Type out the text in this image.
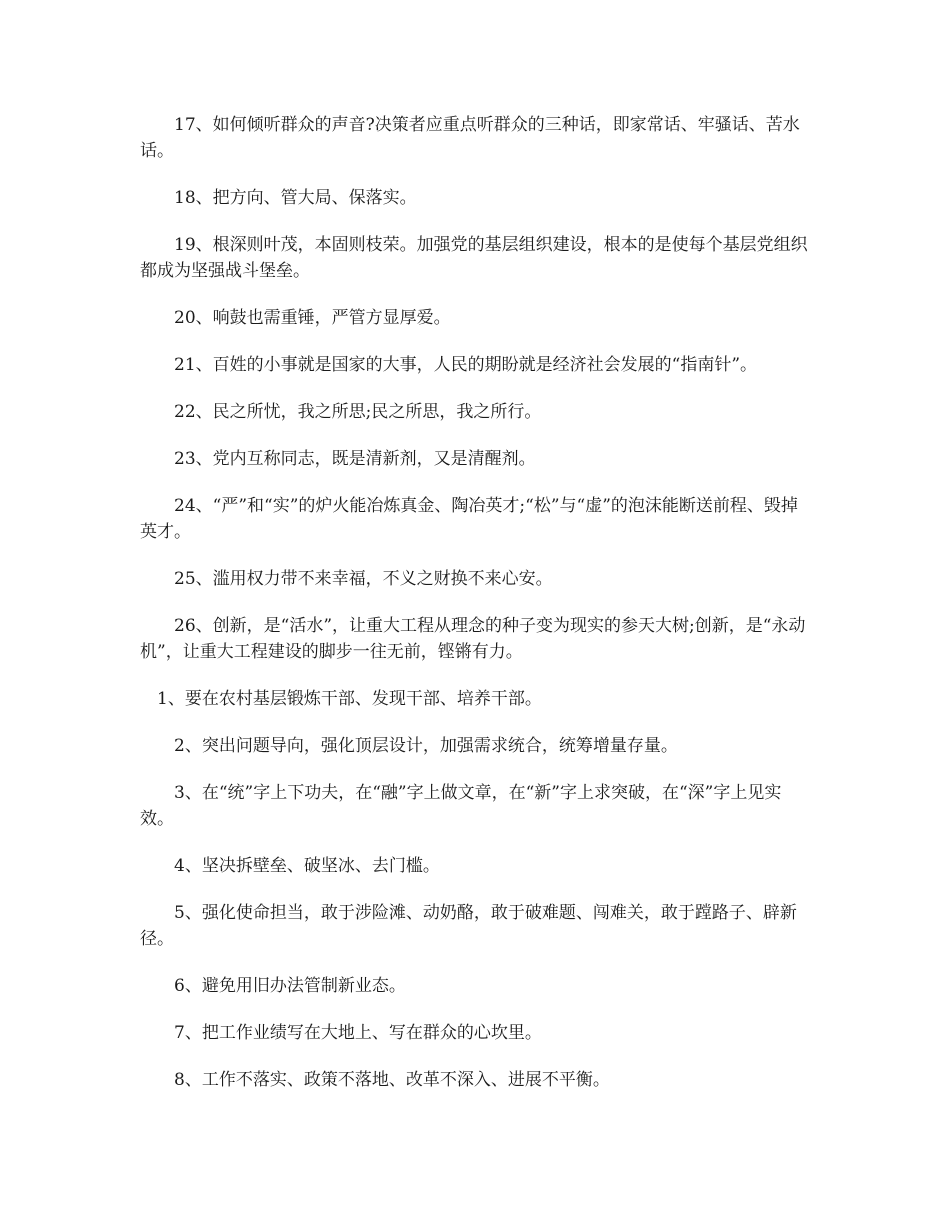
17、如何倾听群众的声音?决策者应重点听群众的三种话，即家常话、牢骚话、苦水话。

18、把方向、管大局、保落实。

19、根深则叶茂，本固则枝荣。加强党的基层组织建设，根本的是使每个基层党组织都成为坚强战斗堡垒。

20、响鼓也需重锤，严管方显厚爱。

21、百姓的小事就是国家的大事，人民的期盼就是经济社会发展的“指南针”。

22、民之所忧，我之所思;民之所思，我之所行。

23、党内互称同志，既是清新剂，又是清醒剂。

24、“严”和“实”的炉火能冶炼真金、陶冶英才;“松”与“虚”的泡沫能断送前程、毁掉英才。

25、滥用权力带不来幸福，不义之财换不来心安。

26、创新，是“活水”，让重大工程从理念的种子变为现实的参天大树;创新，是“永动机”，让重大工程建设的脚步一往无前，铿锵有力。

1、要在农村基层锻炼干部、发现干部、培养干部。

2、突出问题导向，强化顶层设计，加强需求统合，统筹增量存量。

3、在“统”字上下功夫，在“融”字上做文章，在“新”字上求突破，在“深”字上见实效。

4、坚决拆壁垒、破坚冰、去门槛。

5、强化使命担当，敢于涉险滩、动奶酪，敢于破难题、闯难关，敢于蹚路子、辟新径。

6、避免用旧办法管制新业态。

7、把工作业绩写在大地上、写在群众的心坎里。

8、工作不落实、政策不落地、改革不深入、进展不平衡。
